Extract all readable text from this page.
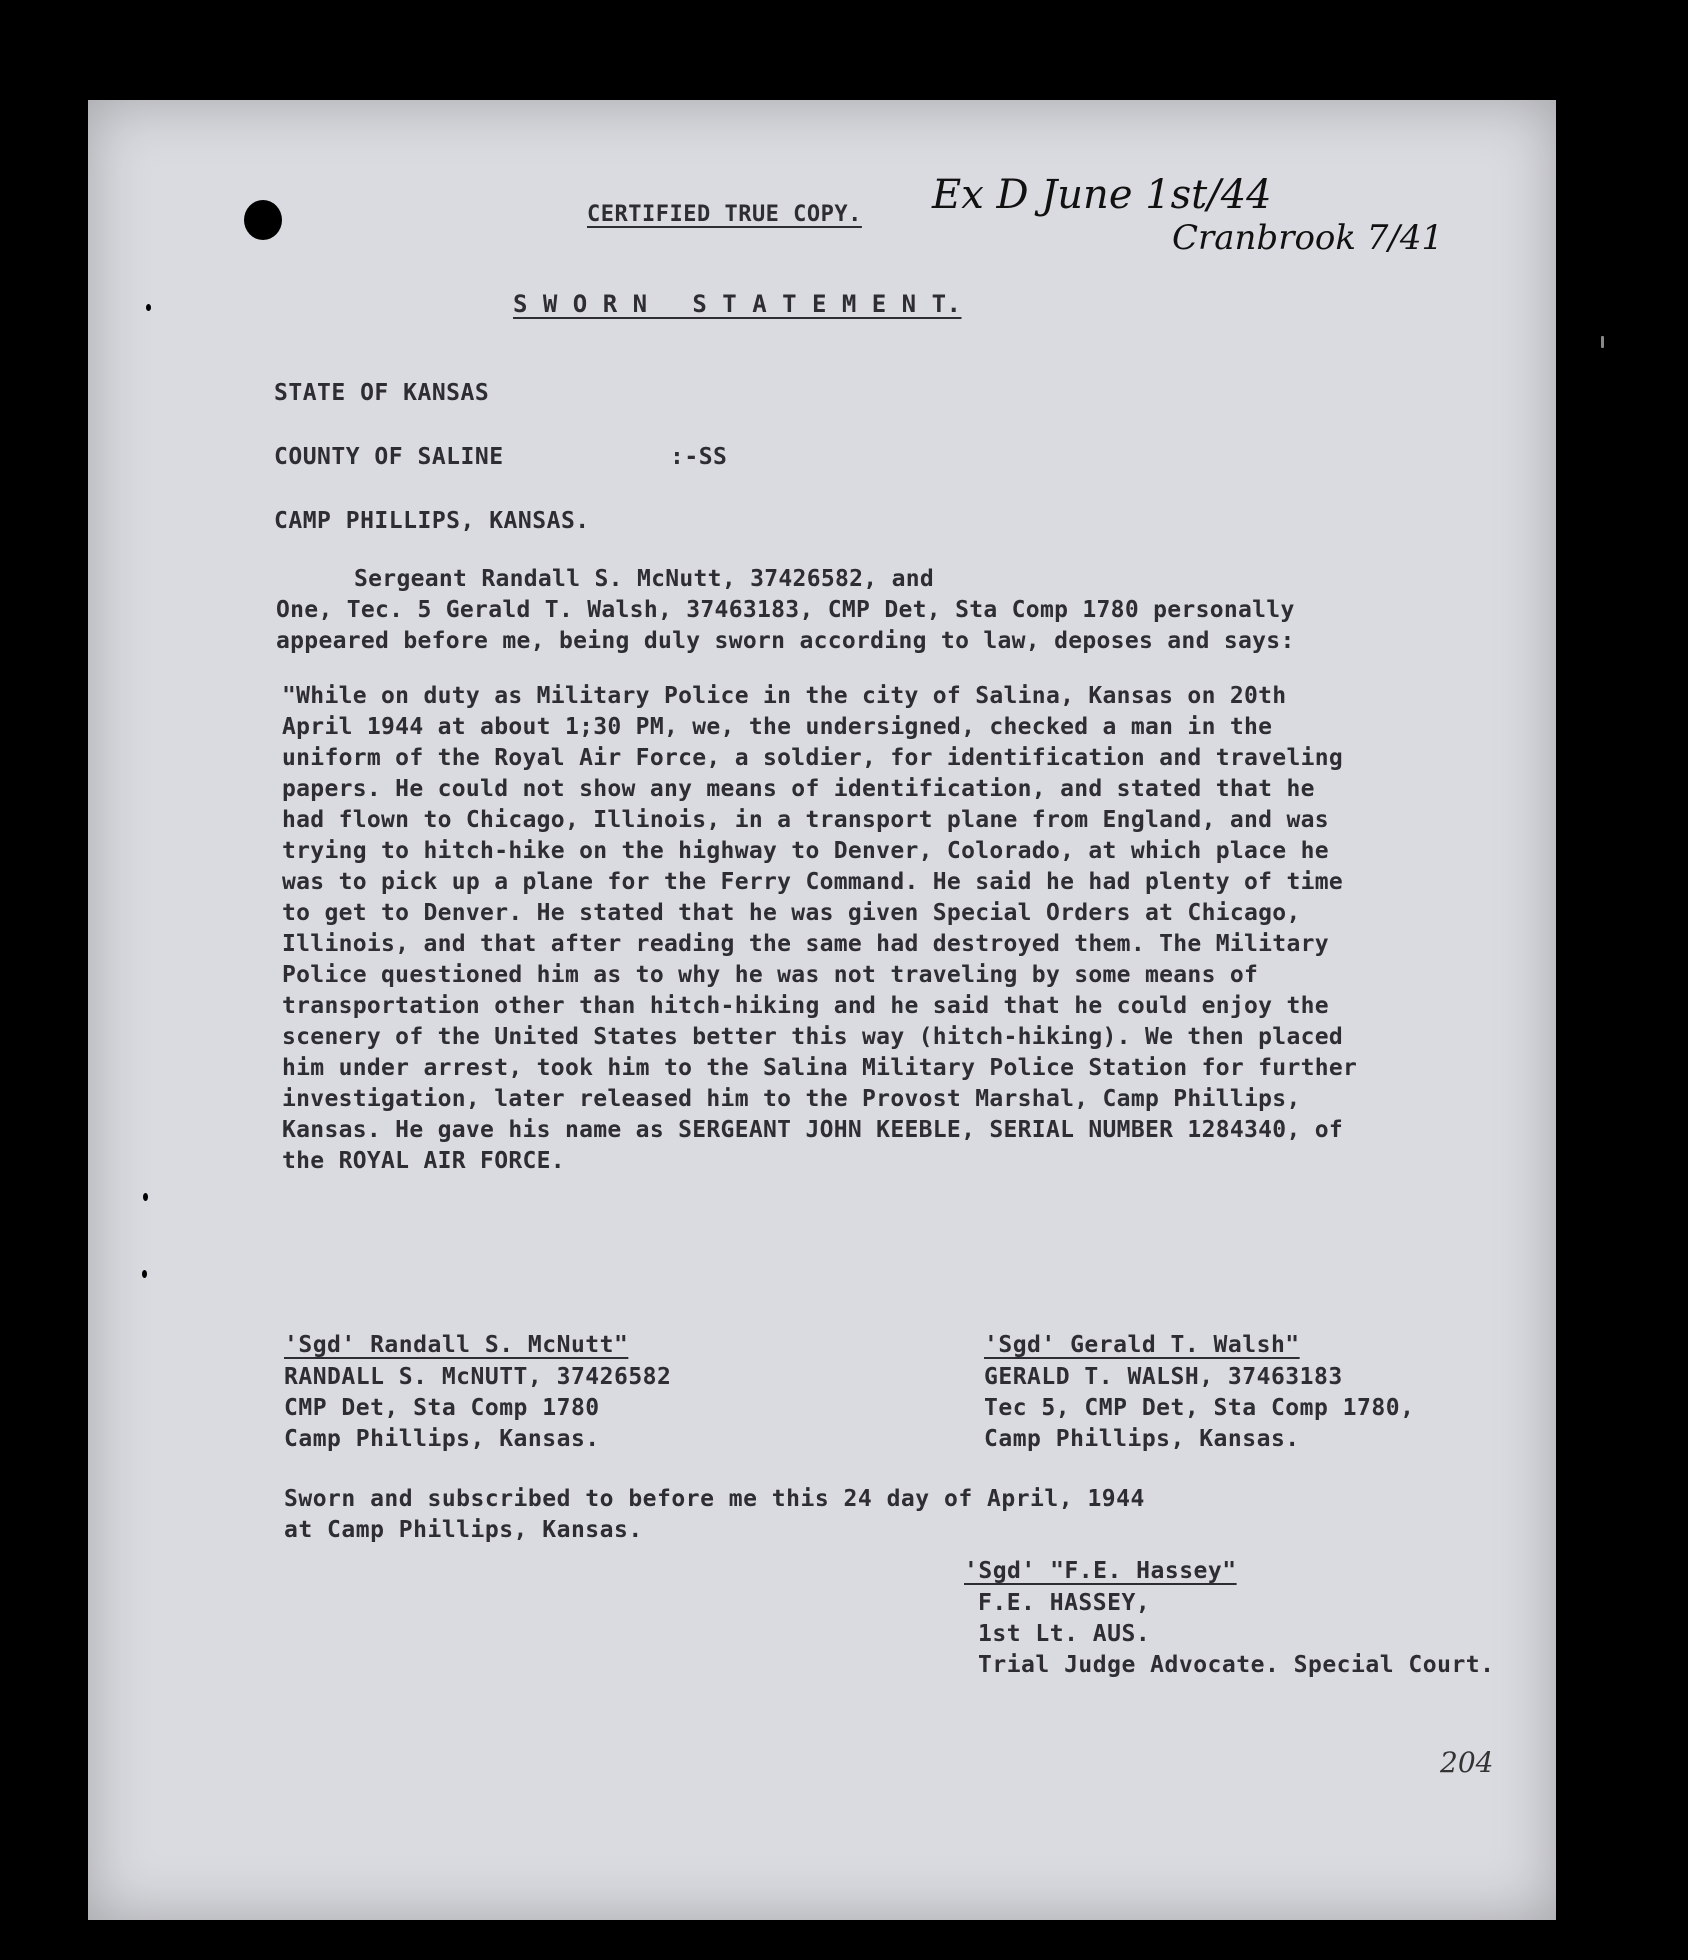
CERTIFIED TRUE COPY. Ex D June 1st/44
Cranbrook 7/41
S W O R N   S T A T E M E N T.
STATE OF KANSAS
COUNTY OF SALINE	:-SS
CAMP PHILLIPS, KANSAS.
Sergeant Randall S. McNutt, 37426582, and
One, Tec. 5 Gerald T. Walsh, 37463183, CMP Det, Sta Comp 1780 personally
appeared before me, being duly sworn according to law, deposes and says:
"While on duty as Military Police in the city of Salina, Kansas on 20th
April 1944 at about 1;30 PM, we, the undersigned, checked a man in the
uniform of the Royal Air Force, a soldier, for identification and traveling
papers. He could not show any means of identification, and stated that he
had flown to Chicago, Illinois, in a transport plane from England, and was
trying to hitch-hike on the highway to Denver, Colorado, at which place he
was to pick up a plane for the Ferry Command. He said he had plenty of time
to get to Denver. He stated that he was given Special Orders at Chicago,
Illinois, and that after reading the same had destroyed them. The Military
Police questioned him as to why he was not traveling by some means of
transportation other than hitch-hiking and he said that he could enjoy the
scenery of the United States better this way (hitch-hiking). We then placed
him under arrest, took him to the Salina Military Police Station for further
investigation, later released him to the Provost Marshal, Camp Phillips,
Kansas. He gave his name as SERGEANT JOHN KEEBLE, SERIAL NUMBER 1284340, of
the ROYAL AIR FORCE.
'Sgd' Randall S. McNutt"
RANDALL S. McNUTT, 37426582
CMP Det, Sta Comp 1780
Camp Phillips, Kansas.
'Sgd' Gerald T. Walsh"
GERALD T. WALSH, 37463183
Tec 5, CMP Det, Sta Comp 1780,
Camp Phillips, Kansas.
Sworn and subscribed to before me this 24 day of April, 1944
at Camp Phillips, Kansas.
'Sgd' "F.E. Hassey"
F.E. HASSEY,
1st Lt. AUS.
Trial Judge Advocate. Special Court.
204
